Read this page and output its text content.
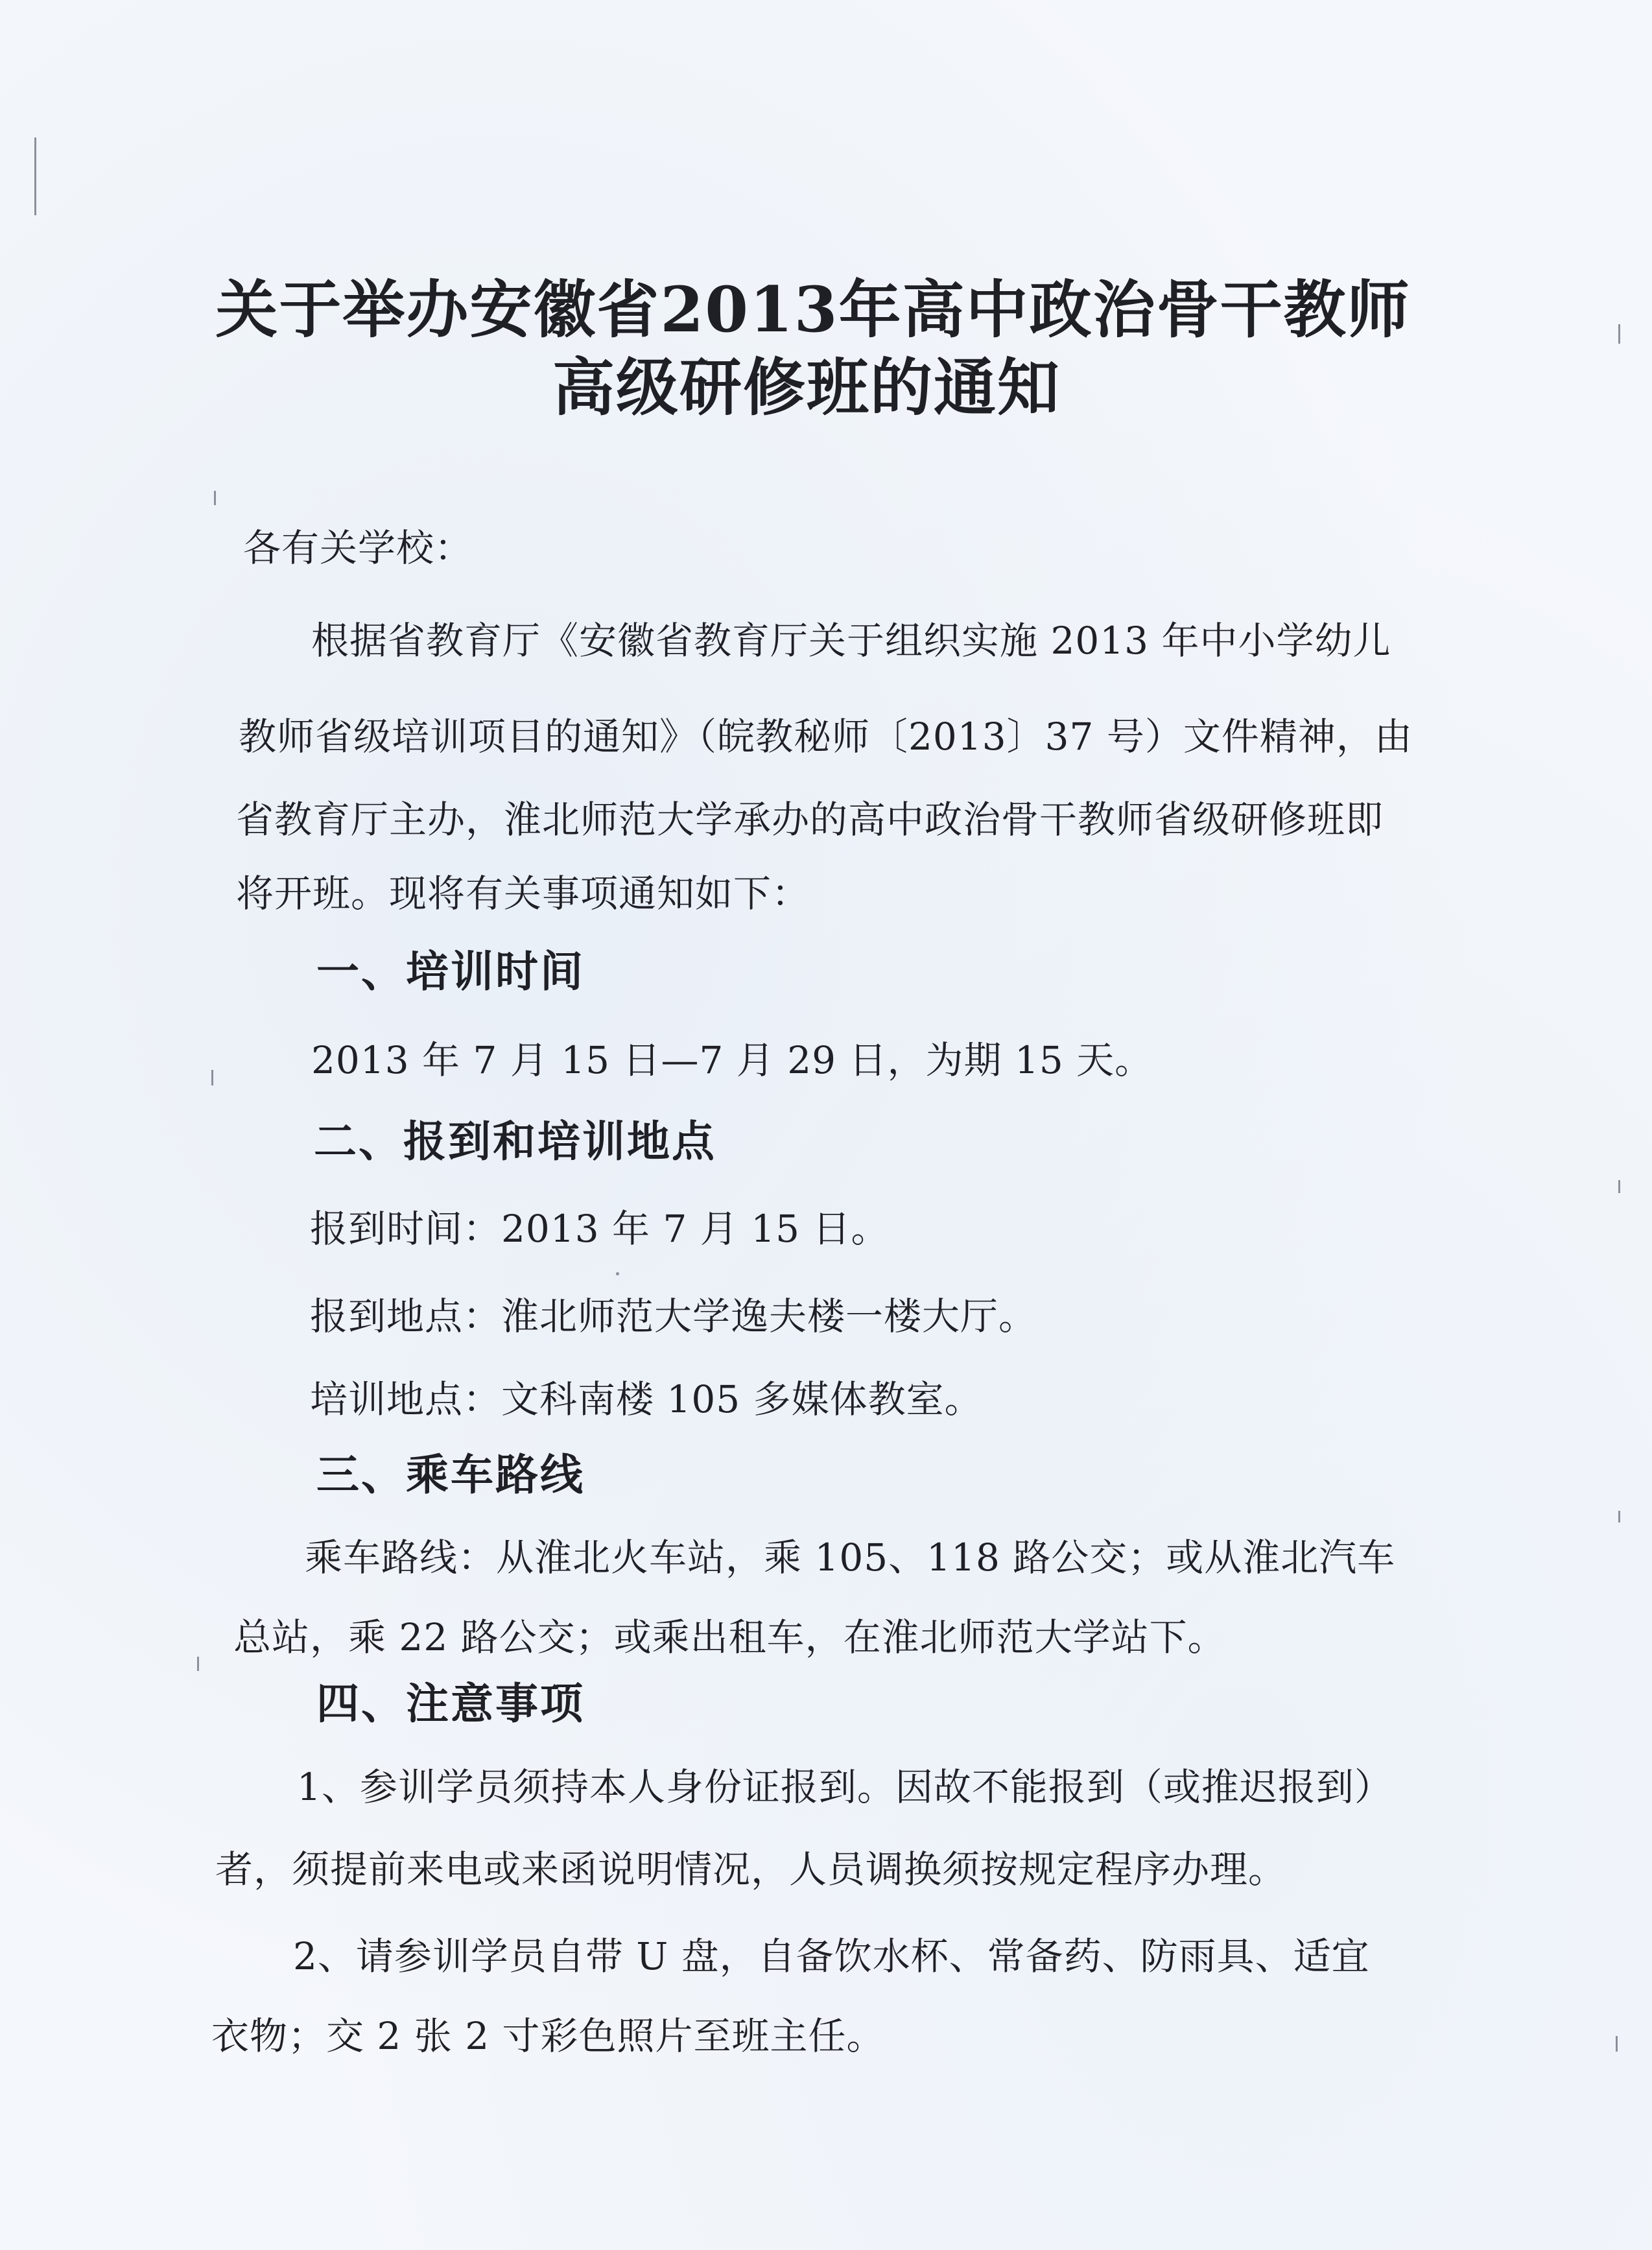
关于举办安徽省2013年高中政治骨干教师
高级研修班的通知
各有关学校：
根据省教育厅《安徽省教育厅关于组织实施 2013 年中小学幼儿
教师省级培训项目的通知》（皖教秘师〔2013〕37 号）文件精神，由
省教育厅主办，淮北师范大学承办的高中政治骨干教师省级研修班即
将开班。现将有关事项通知如下：
一、培训时间
2013 年 7 月 15 日—7 月 29 日，为期 15 天。
二、报到和培训地点
报到时间：2013 年 7 月 15 日。
报到地点：淮北师范大学逸夫楼一楼大厅。
培训地点：文科南楼 105 多媒体教室。
三、乘车路线
乘车路线：从淮北火车站，乘 105、118 路公交；或从淮北汽车
总站，乘 22 路公交；或乘出租车，在淮北师范大学站下。
四、注意事项
1、参训学员须持本人身份证报到。因故不能报到（或推迟报到）
者，须提前来电或来函说明情况，人员调换须按规定程序办理。
2、请参训学员自带 U 盘，自备饮水杯、常备药、防雨具、适宜
衣物；交 2 张 2 寸彩色照片至班主任。
